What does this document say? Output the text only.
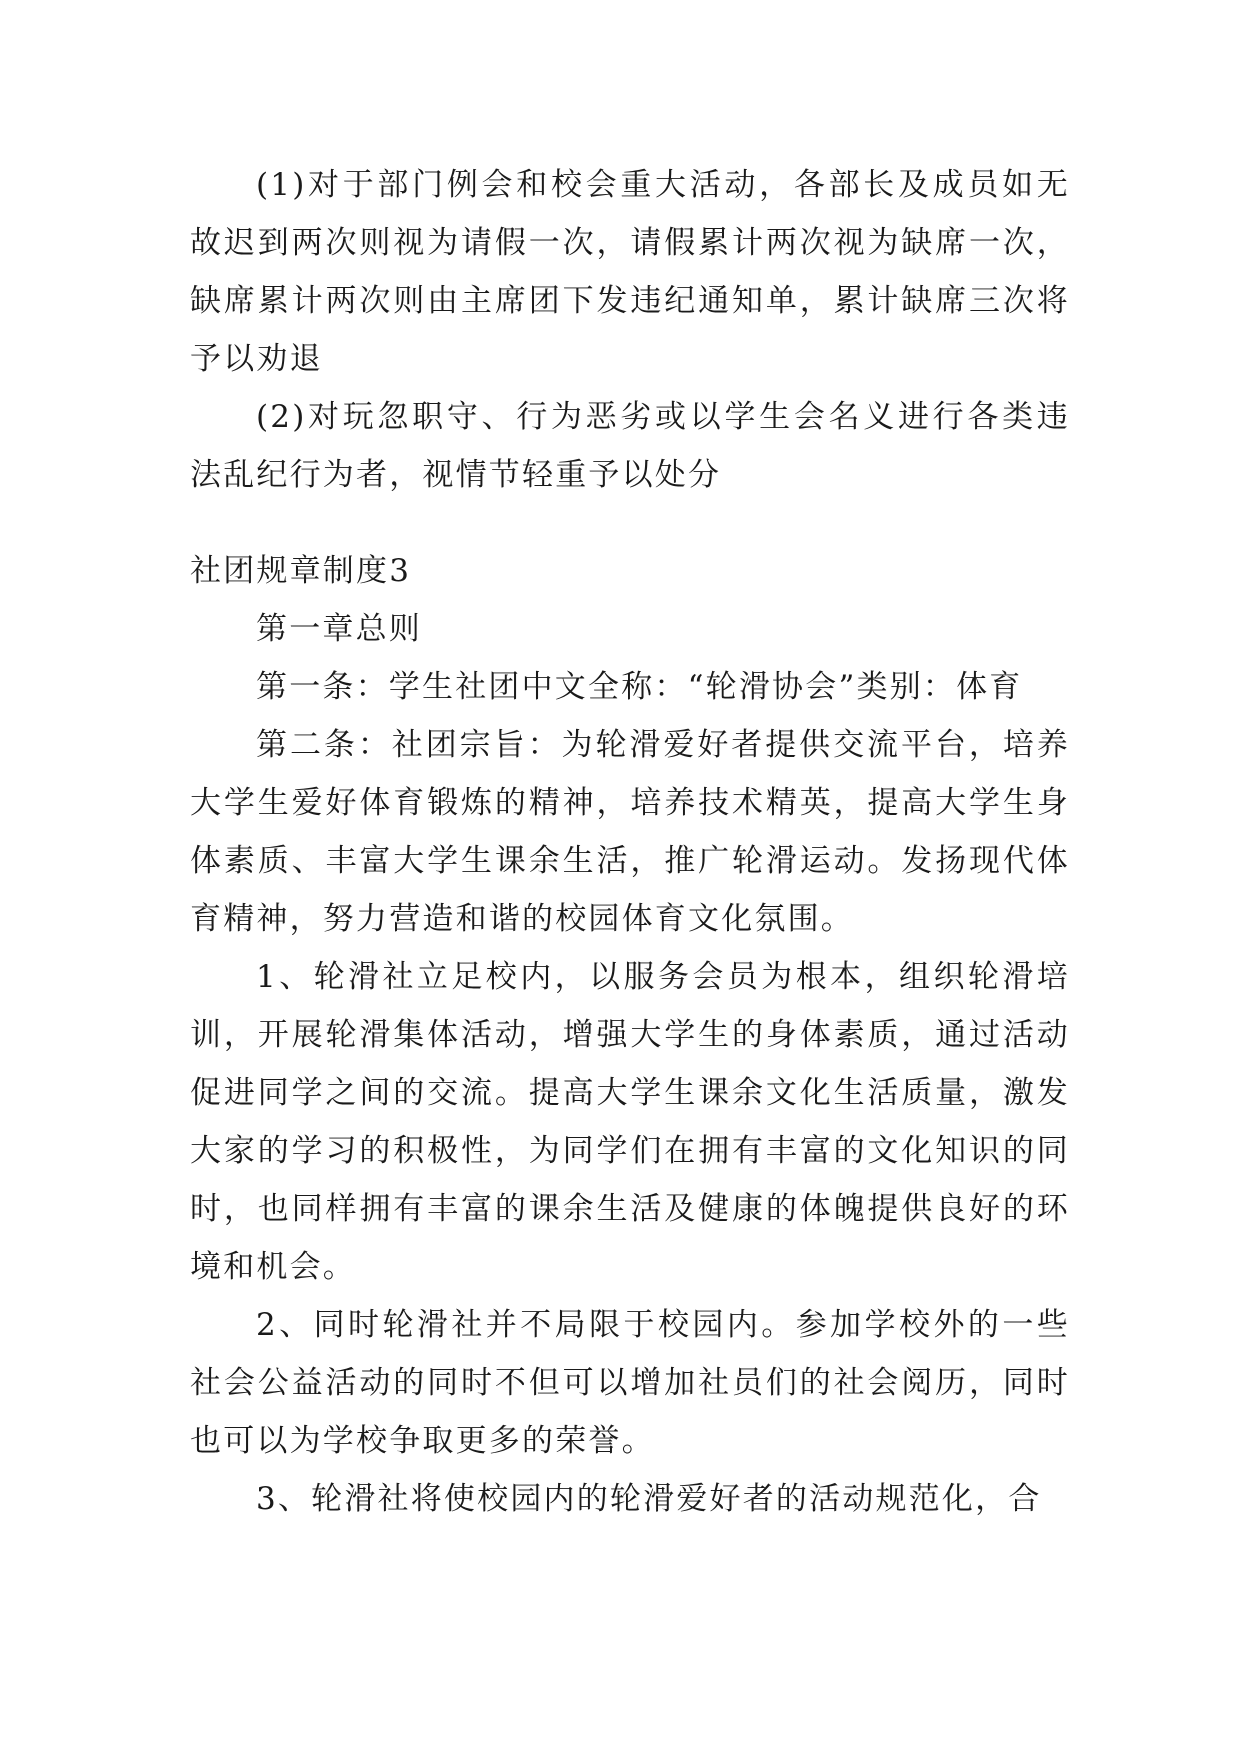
(1)对于部门例会和校会重大活动，各部长及成员如无故迟到两次则视为请假一次，请假累计两次视为缺席一次，缺席累计两次则由主席团下发违纪通知单，累计缺席三次将予以劝退

(2)对玩忽职守、行为恶劣或以学生会名义进行各类违法乱纪行为者，视情节轻重予以处分

社团规章制度3

第一章总则

第一条：学生社团中文全称：“轮滑协会”类别：体育

第二条：社团宗旨：为轮滑爱好者提供交流平台，培养大学生爱好体育锻炼的精神，培养技术精英，提高大学生身体素质、丰富大学生课余生活，推广轮滑运动。发扬现代体育精神，努力营造和谐的校园体育文化氛围。

1、轮滑社立足校内，以服务会员为根本，组织轮滑培训，开展轮滑集体活动，增强大学生的身体素质，通过活动促进同学之间的交流。提高大学生课余文化生活质量，激发大家的学习的积极性，为同学们在拥有丰富的文化知识的同时，也同样拥有丰富的课余生活及健康的体魄提供良好的环境和机会。

2、同时轮滑社并不局限于校园内。参加学校外的一些社会公益活动的同时不但可以增加社员们的社会阅历，同时也可以为学校争取更多的荣誉。

3、轮滑社将使校园内的轮滑爱好者的活动规范化，合
